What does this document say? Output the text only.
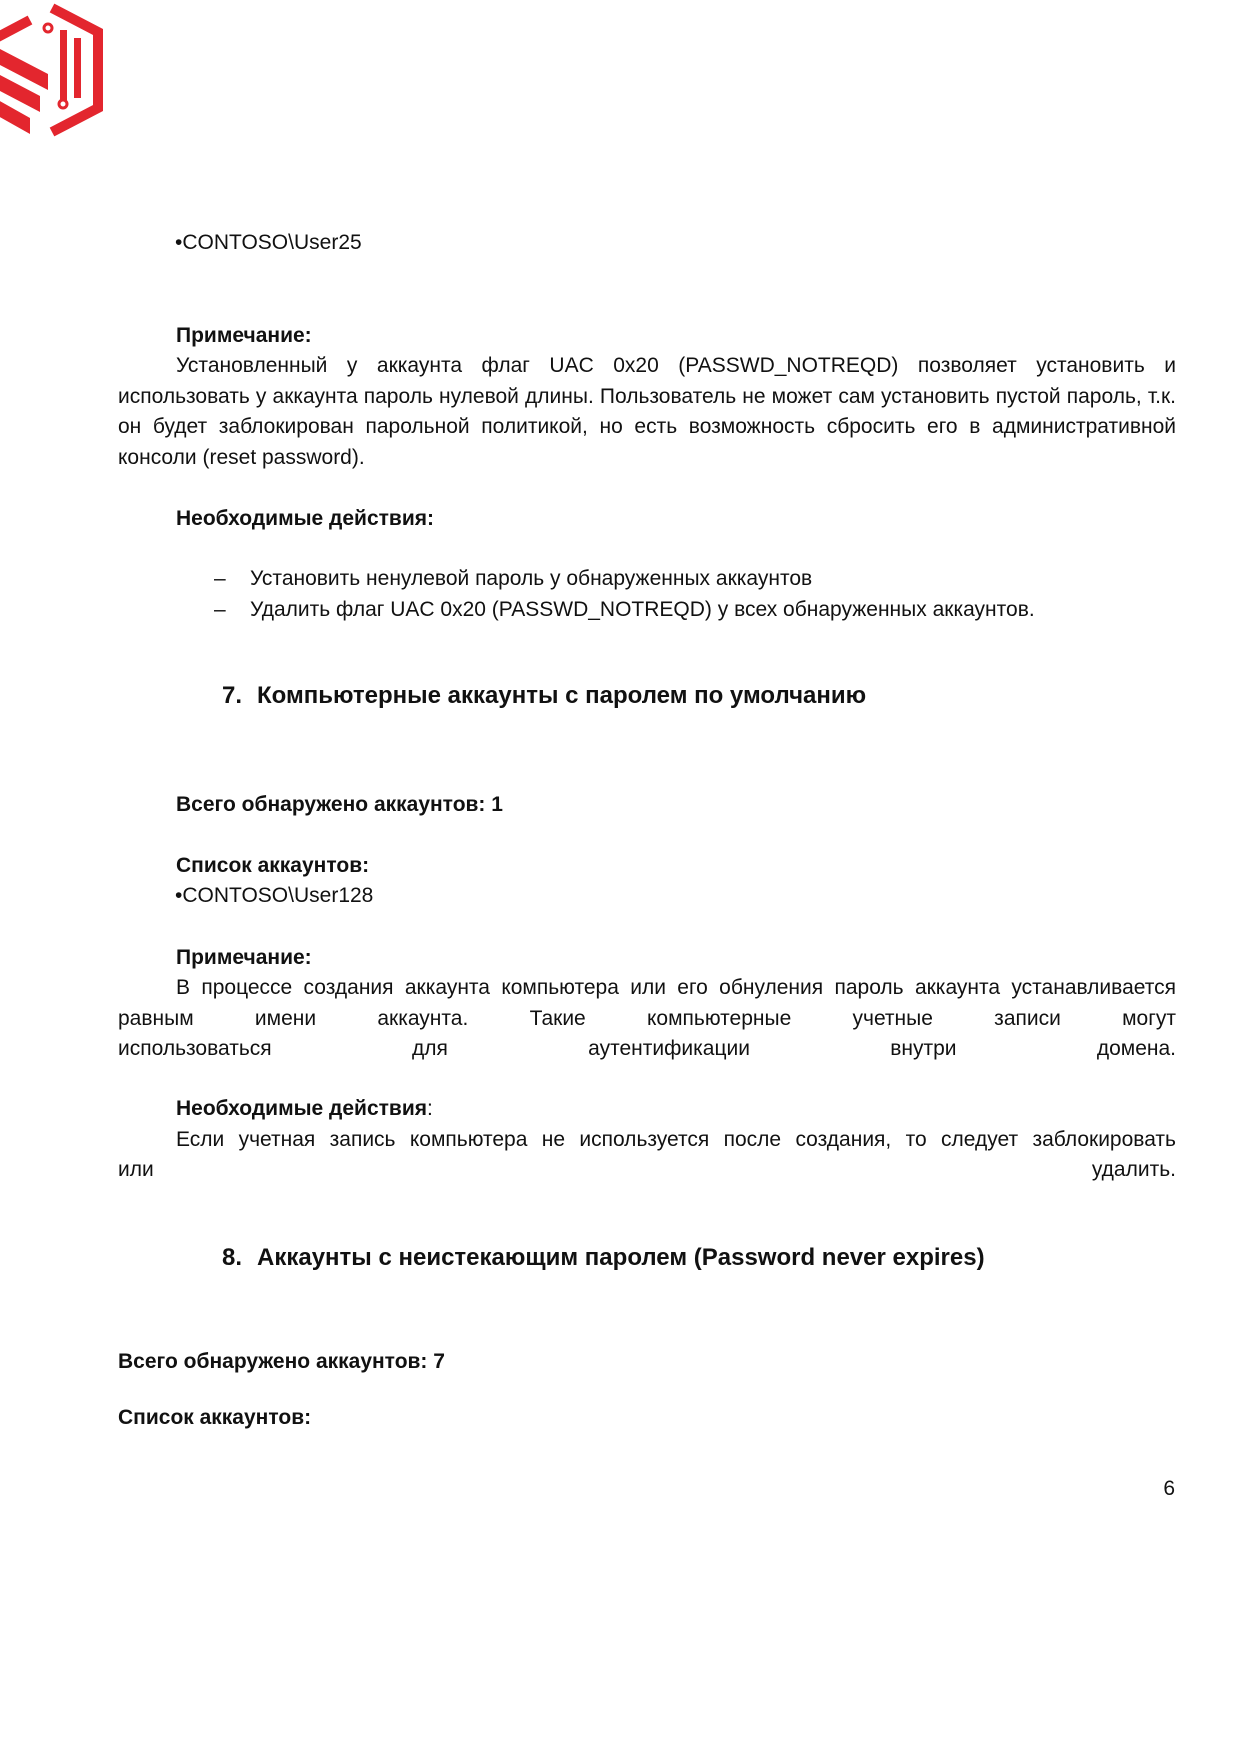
•CONTOSO\User25

Примечание:

Установленный у аккаунта флаг UAC 0x20 (PASSWD_NOTREQD) позволяет установить и использовать у аккаунта пароль нулевой длины. Пользователь не может сам установить пустой пароль, т.к. он будет заблокирован парольной политикой, но есть возможность сбросить его в административной консоли (reset password).

Необходимые действия:

– Установить ненулевой пароль у обнаруженных аккаунтов

– Удалить флаг UAC 0x20 (PASSWD_NOTREQD) у всех обнаруженных аккаунтов.

7. Компьютерные аккаунты с паролем по умолчанию

Всего обнаружено аккаунтов: 1

Список аккаунтов:

•CONTOSO\User128

Примечание:

В процессе создания аккаунта компьютера или его обнуления пароль аккаунта устанавливается равным имени аккаунта. Такие компьютерные учетные записи могут

использоваться для аутентификации внутри домена.

Необходимые действия:

Если учетная запись компьютера не используется после создания, то следует заблокировать

или удалить.

8. Аккаунты с неистекающим паролем (Password never expires)

Всего обнаружено аккаунтов: 7

Список аккаунтов:

6
